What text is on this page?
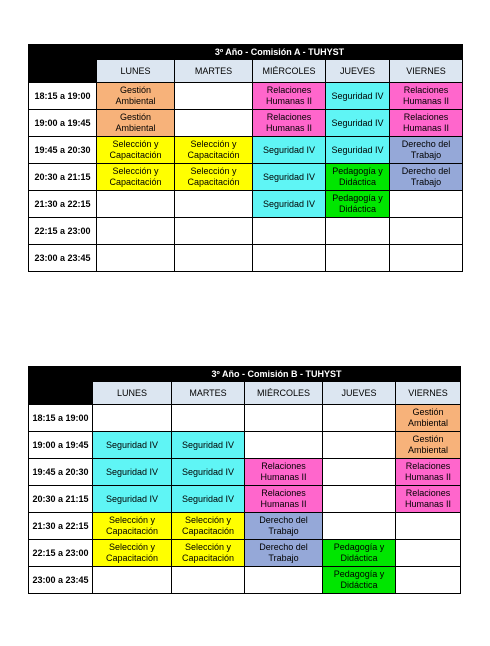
	3º Año - Comisión A - TUHYST				
	LUNES	MARTES	MIÉRCOLES	JUEVES	VIERNES
18:15 a 19:00	Gestión Ambiental		Relaciones Humanas II	Seguridad IV	Relaciones Humanas II
19:00 a 19:45	Gestión Ambiental		Relaciones Humanas II	Seguridad IV	Relaciones Humanas II
19:45 a 20:30	Selección y Capacitación	Selección y Capacitación	Seguridad IV	Seguridad IV	Derecho del Trabajo
20:30 a 21:15	Selección y Capacitación	Selección y Capacitación	Seguridad IV	Pedagogía y Didáctica	Derecho del Trabajo
21:30 a 22:15			Seguridad IV	Pedagogía y Didáctica	
22:15 a 23:00					
23:00 a 23:45					
	3º Año - Comisión B - TUHYST				
	LUNES	MARTES	MIÉRCOLES	JUEVES	VIERNES
18:15 a 19:00					Gestión Ambiental
19:00 a 19:45	Seguridad IV	Seguridad IV			Gestión Ambiental
19:45 a 20:30	Seguridad IV	Seguridad IV	Relaciones Humanas II		Relaciones Humanas II
20:30 a 21:15	Seguridad IV	Seguridad IV	Relaciones Humanas II		Relaciones Humanas II
21:30 a 22:15	Selección y Capacitación	Selección y Capacitación	Derecho del Trabajo		
22:15 a 23:00	Selección y Capacitación	Selección y Capacitación	Derecho del Trabajo	Pedagogía y Didáctica	
23:00 a 23:45				Pedagogía y Didáctica	
